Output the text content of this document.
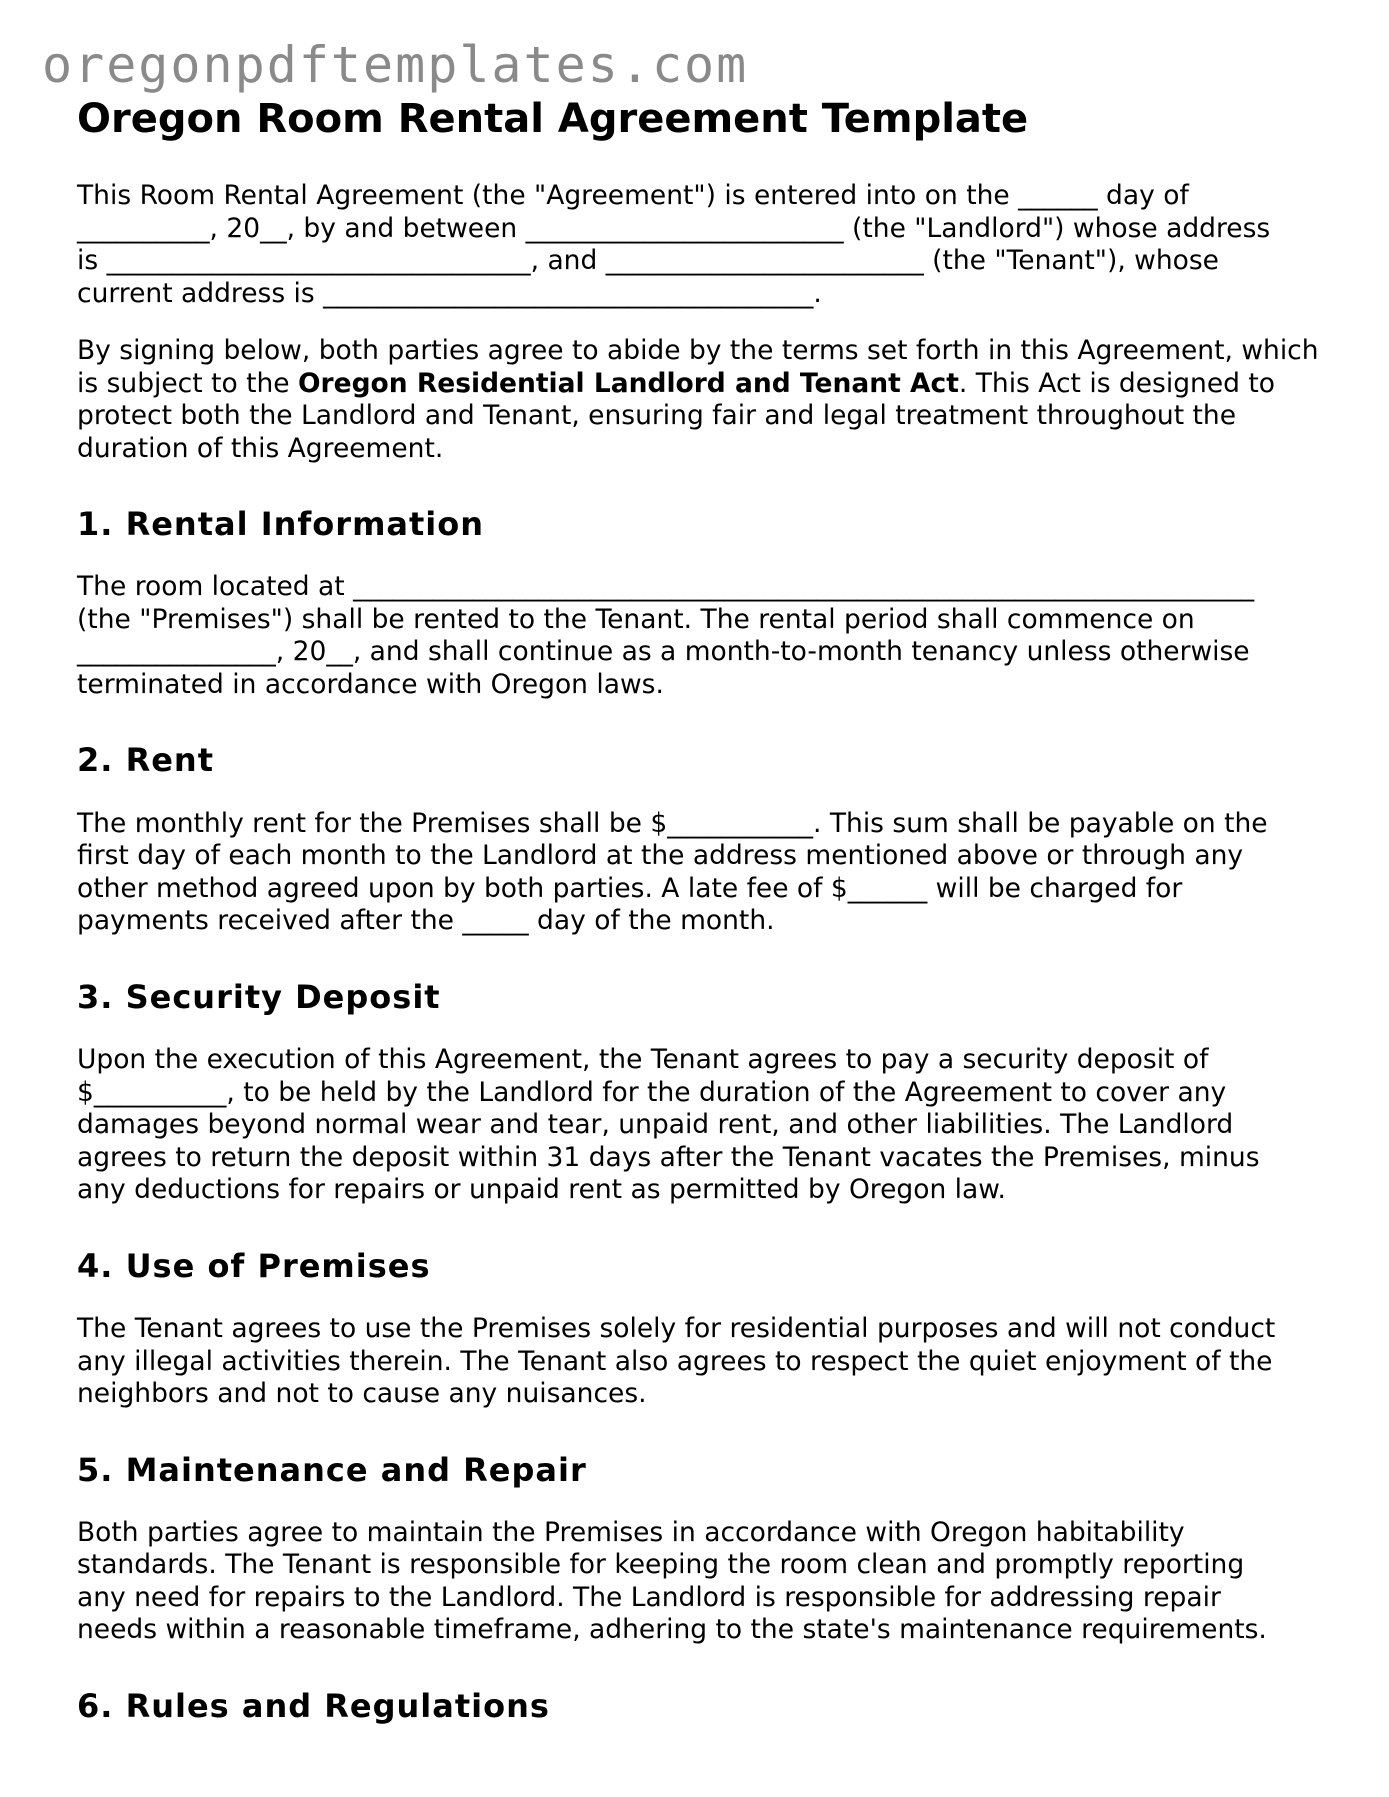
oregonpdftemplates.com
Oregon Room Rental Agreement Template

This Room Rental Agreement (the "Agreement") is entered into on the ______ day of
__________, 20__, by and between ________________________ (the "Landlord") whose address
is ________________________________, and ________________________ (the "Tenant"), whose
current address is _____________________________________.

By signing below, both parties agree to abide by the terms set forth in this Agreement, which is subject to the Oregon Residential Landlord and Tenant Act. This Act is designed to protect both the Landlord and Tenant, ensuring fair and legal treatment throughout the duration of this Agreement.

1. Rental Information

The room located at ____________________________________________________________________
(the "Premises") shall be rented to the Tenant. The rental period shall commence on
_______________, 20__, and shall continue as a month-to-month tenancy unless otherwise
terminated in accordance with Oregon laws.

2. Rent

The monthly rent for the Premises shall be $___________. This sum shall be payable on the
first day of each month to the Landlord at the address mentioned above or through any
other method agreed upon by both parties. A late fee of $______ will be charged for
payments received after the _____ day of the month.

3. Security Deposit

Upon the execution of this Agreement, the Tenant agrees to pay a security deposit of
$__________, to be held by the Landlord for the duration of the Agreement to cover any
damages beyond normal wear and tear, unpaid rent, and other liabilities. The Landlord
agrees to return the deposit within 31 days after the Tenant vacates the Premises, minus
any deductions for repairs or unpaid rent as permitted by Oregon law.

4. Use of Premises

The Tenant agrees to use the Premises solely for residential purposes and will not conduct
any illegal activities therein. The Tenant also agrees to respect the quiet enjoyment of the
neighbors and not to cause any nuisances.

5. Maintenance and Repair

Both parties agree to maintain the Premises in accordance with Oregon habitability
standards. The Tenant is responsible for keeping the room clean and promptly reporting
any need for repairs to the Landlord. The Landlord is responsible for addressing repair
needs within a reasonable timeframe, adhering to the state's maintenance requirements.

6. Rules and Regulations
